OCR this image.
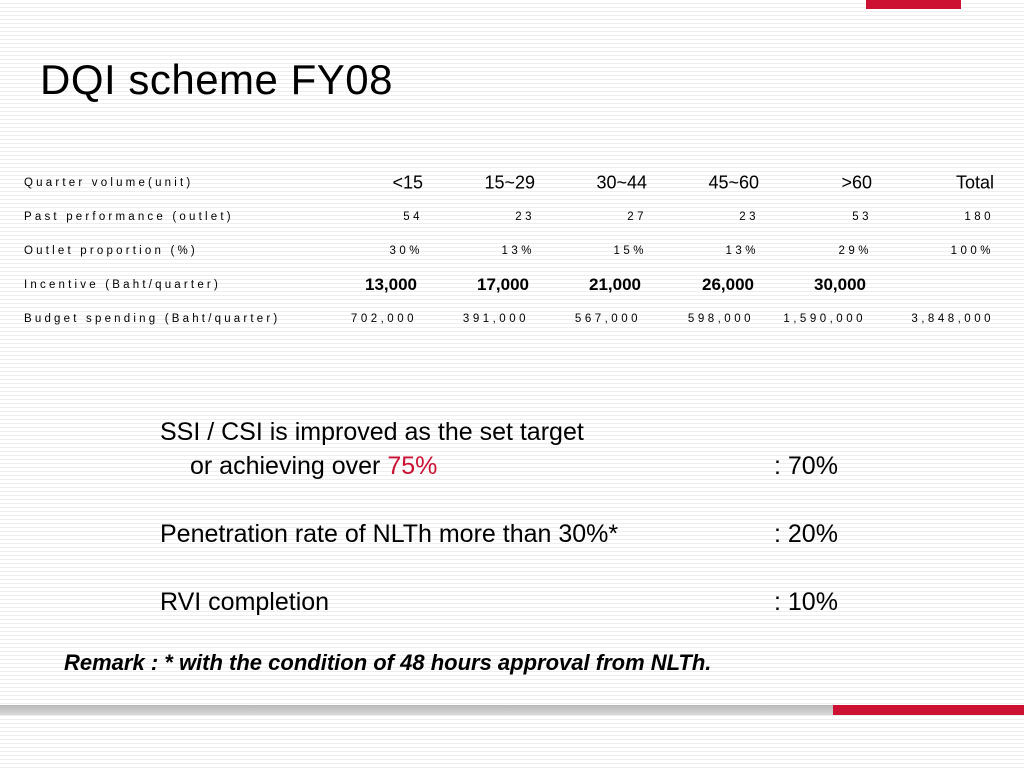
DQI scheme FY08
Quarter volume(unit)	<15	15~29	30~44	45~60	>60	Total
Past performance (outlet)	54	23	27	23	53	180
Outlet proportion (%)	30%	13%	15%	13%	29%	100%
Incentive (Baht/quarter)	13,000	17,000	21,000	26,000	30,000
Budget spending (Baht/quarter)	702,000	391,000	567,000	598,000	1,590,000	3,848,000
SSI / CSI is improved as the set target
or achieving over 75%	: 70%
Penetration rate of NLTh more than 30%*	: 20%
RVI completion	: 10%
Remark : * with the condition of 48 hours approval from NLTh.
